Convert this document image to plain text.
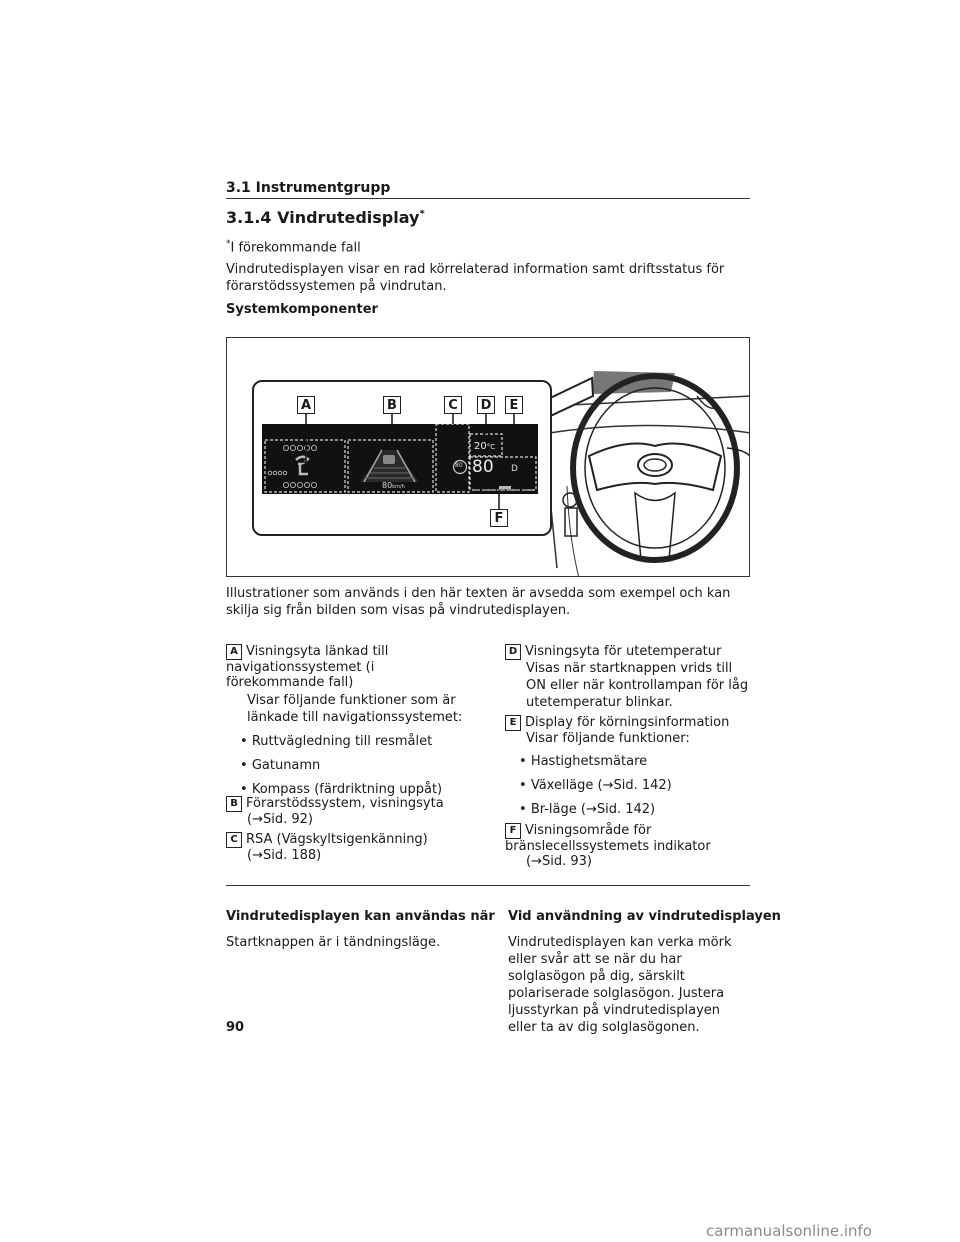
3.1 Instrumentgrupp
3.1.4 Vindrutedisplay*
*I förekommande fall
Vindrutedisplayen visar en rad körrelaterad information samt driftsstatus för förarstödssystemen på vindrutan.
Systemkomponenter
80
20°C
80 D
80km/h
A	B	C	D	E
F
Illustrationer som används i den här texten är avsedda som exempel och kan skilja sig från bilden som visas på vindrutedisplayen.
A Visningsyta länkad till navigationssystemet (i förekommande fall)
Visar följande funktioner som är länkade till navigationssystemet:
• Ruttvägledning till resmålet
• Gatunamn
• Kompass (färdriktning uppåt)
B Förarstödssystem, visningsyta
(→Sid. 92)
C RSA (Vägskyltsigenkänning)
(→Sid. 188)
D Visningsyta för utetemperatur
Visas när startknappen vrids till ON eller när kontrollampan för låg utetemperatur blinkar.
E Display för körningsinformation
Visar följande funktioner:
• Hastighetsmätare
• Växelläge (→Sid. 142)
• Br-läge (→Sid. 142)
F Visningsområde för bränslecellssystemets indikator
(→Sid. 93)
Vindrutedisplayen kan användas när
Startknappen är i tändningsläge.
Vid användning av vindrutedisplayen
Vindrutedisplayen kan verka mörk eller svår att se när du har solglasögon på dig, särskilt polariserade solglasögon. Justera ljusstyrkan på vindrutedisplayen eller ta av dig solglasögonen.
90
carmanualsonline.info
